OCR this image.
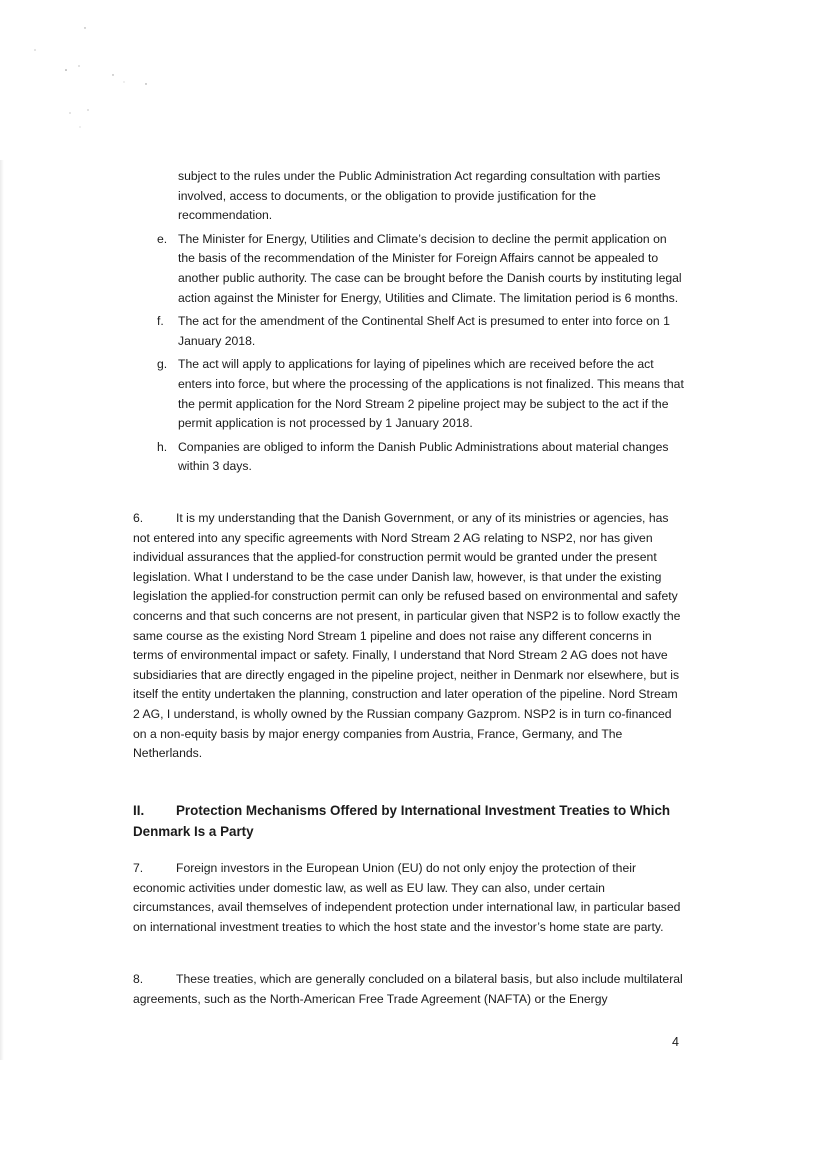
subject to the rules under the Public Administration Act regarding consultation with parties involved, access to documents, or the obligation to provide justification for the recommendation.
e. The Minister for Energy, Utilities and Climate’s decision to decline the permit application on the basis of the recommendation of the Minister for Foreign Affairs cannot be appealed to another public authority. The case can be brought before the Danish courts by instituting legal action against the Minister for Energy, Utilities and Climate. The limitation period is 6 months.
f. The act for the amendment of the Continental Shelf Act is presumed to enter into force on 1 January 2018.
g. The act will apply to applications for laying of pipelines which are received before the act enters into force, but where the processing of the applications is not finalized. This means that the permit application for the Nord Stream 2 pipeline project may be subject to the act if the permit application is not processed by 1 January 2018.
h. Companies are obliged to inform the Danish Public Administrations about material changes within 3 days.

6.	It is my understanding that the Danish Government, or any of its ministries or agencies, has not entered into any specific agreements with Nord Stream 2 AG relating to NSP2, nor has given individual assurances that the applied-for construction permit would be granted under the present legislation. What I understand to be the case under Danish law, however, is that under the existing legislation the applied-for construction permit can only be refused based on environmental and safety concerns and that such concerns are not present, in particular given that NSP2 is to follow exactly the same course as the existing Nord Stream 1 pipeline and does not raise any different concerns in terms of environmental impact or safety. Finally, I understand that Nord Stream 2 AG does not have subsidiaries that are directly engaged in the pipeline project, neither in Denmark nor elsewhere, but is itself the entity undertaken the planning, construction and later operation of the pipeline. Nord Stream 2 AG, I understand, is wholly owned by the Russian company Gazprom. NSP2 is in turn co-financed on a non-equity basis by major energy companies from Austria, France, Germany, and The Netherlands.

II. Protection Mechanisms Offered by International Investment Treaties to Which Denmark Is a Party

7.	Foreign investors in the European Union (EU) do not only enjoy the protection of their economic activities under domestic law, as well as EU law. They can also, under certain circumstances, avail themselves of independent protection under international law, in particular based on international investment treaties to which the host state and the investor’s home state are party.

8.	These treaties, which are generally concluded on a bilateral basis, but also include multilateral agreements, such as the North-American Free Trade Agreement (NAFTA) or the Energy

4
